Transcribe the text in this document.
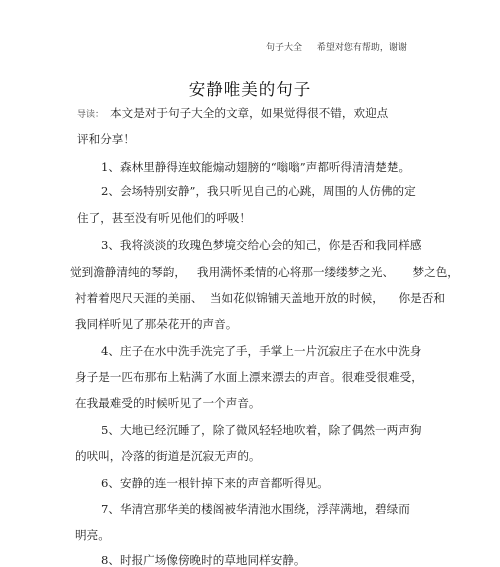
句子大全 希望对您有帮助，谢谢
安静唯美的句子
导读： 本文是对于句子大全的文章，如果觉得很不错，欢迎点
评和分享！
1、森林里静得连蚊能煽动翅膀的“嗡嗡”声都听得清清楚楚。
2、会场特别安静”，我只听见自己的心跳，周围的人仿佛的定
住了，甚至没有听见他们的呼吸！
3、我将淡淡的玫瑰色梦境交给心会的知己，你是否和我同样感
觉到澹静清纯的琴韵，   我用满怀柔情的心将那一缕缕梦之光、     梦之色，
衬着着咫尺天涯的美丽、  当如花似锦铺天盖地开放的时候，    你是否和
我同样听见了那朵花开的声音。
4、庄子在水中洗手洗完了手，手掌上一片沉寂庄子在水中洗身
身子是一匹布那布上粘满了水面上漂来漂去的声音。很难受很难受，
在我最难受的时候听见了一个声音。
5、大地已经沉睡了，除了微风轻轻地吹着，除了偶然一两声狗
的吠叫，冷落的街道是沉寂无声的。
6、安静的连一根针掉下来的声音都听得见。
7、华清宫那华美的楼阁被华清池水围绕，浮萍满地，碧绿而
明亮。
8、时报广场像傍晚时的草地同样安静。
